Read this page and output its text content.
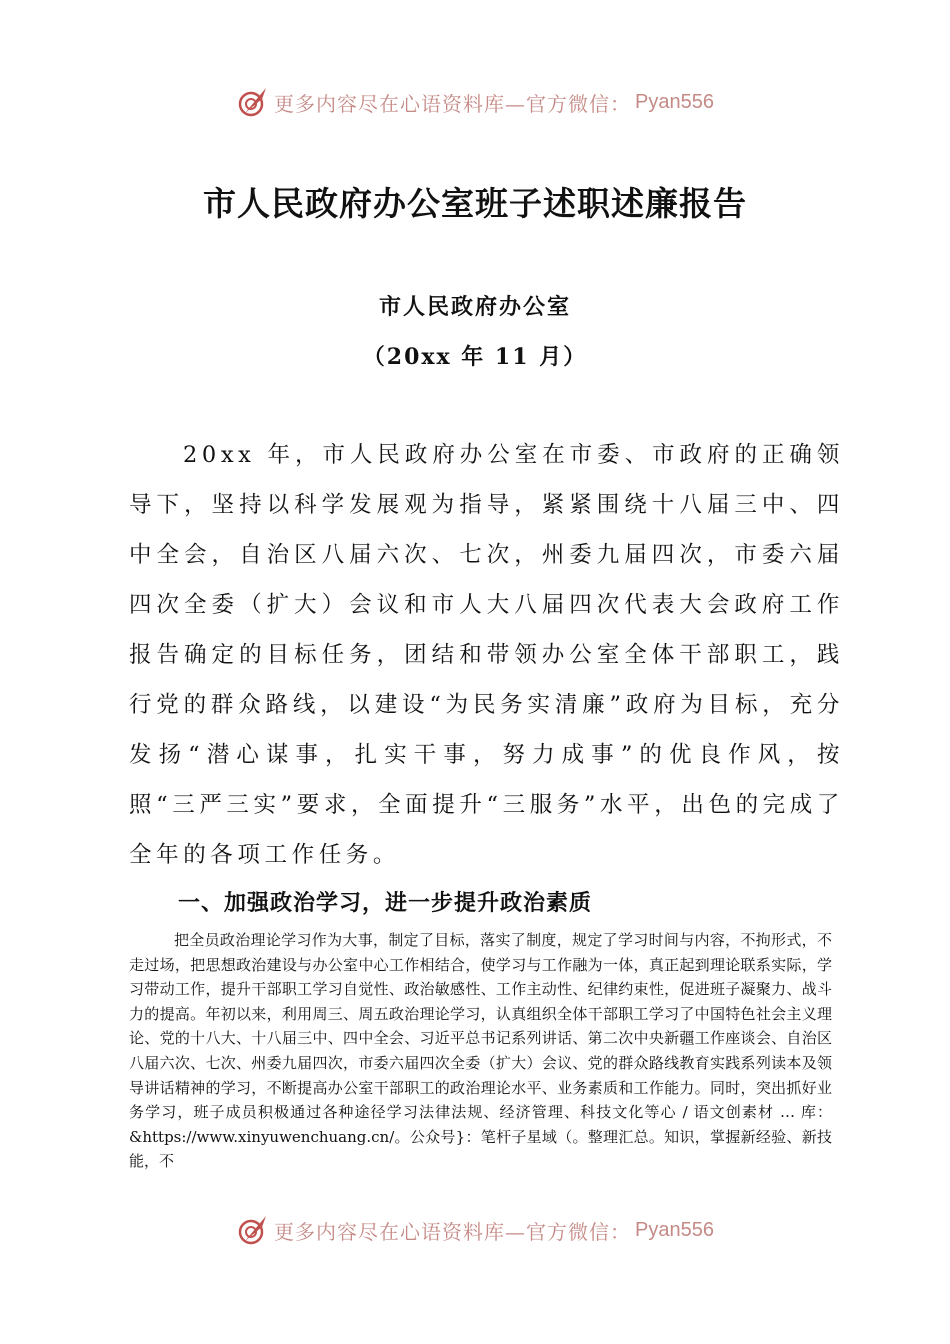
更多内容尽在心语资料库—官方微信： Pyan556
市人民政府办公室班子述职述廉报告
市人民政府办公室
（20xx 年 11 月）

20xx 年，市人民政府办公室在市委、市政府的正确领导下，坚持以科学发展观为指导，紧紧围绕十八届三中、四中全会，自治区八届六次、七次，州委九届四次，市委六届四次全委（扩大）会议和市人大八届四次代表大会政府工作报告确定的目标任务，团结和带领办公室全体干部职工，践行党的群众路线，以建设“为民务实清廉”政府为目标，充分发扬“潜心谋事，扎实干事，努力成事”的优良作风，按照“三严三实”要求，全面提升“三服务”水平，出色的完成了全年的各项工作任务。

一、加强政治学习，进一步提升政治素质

把全员政治理论学习作为大事，制定了目标，落实了制度，规定了学习时间与内容，不拘形式，不走过场，把思想政治建设与办公室中心工作相结合，使学习与工作融为一体，真正起到理论联系实际，学习带动工作，提升干部职工学习自觉性、政治敏感性、工作主动性、纪律约束性，促进班子凝聚力、战斗力的提高。年初以来，利用周三、周五政治理论学习，认真组织全体干部职工学习了中国特色社会主义理论、党的十八大、十八届三中、四中全会、习近平总书记系列讲话、第二次中央新疆工作座谈会、自治区八届六次、七次、州委九届四次，市委六届四次全委（扩大）会议、党的群众路线教育实践系列读本及领导讲话精神的学习，不断提高办公室干部职工的政治理论水平、业务素质和工作能力。同时，突出抓好业务学习，班子成员积极通过各种途径学习法律法规、经济管理、科技文化等心 / 语文创素材 … 库：&https://www.xinyuwenchuang.cn/。公众号}：笔杆子星域（。整理汇总。知识，掌握新经验、新技能，不

更多内容尽在心语资料库—官方微信： Pyan556
